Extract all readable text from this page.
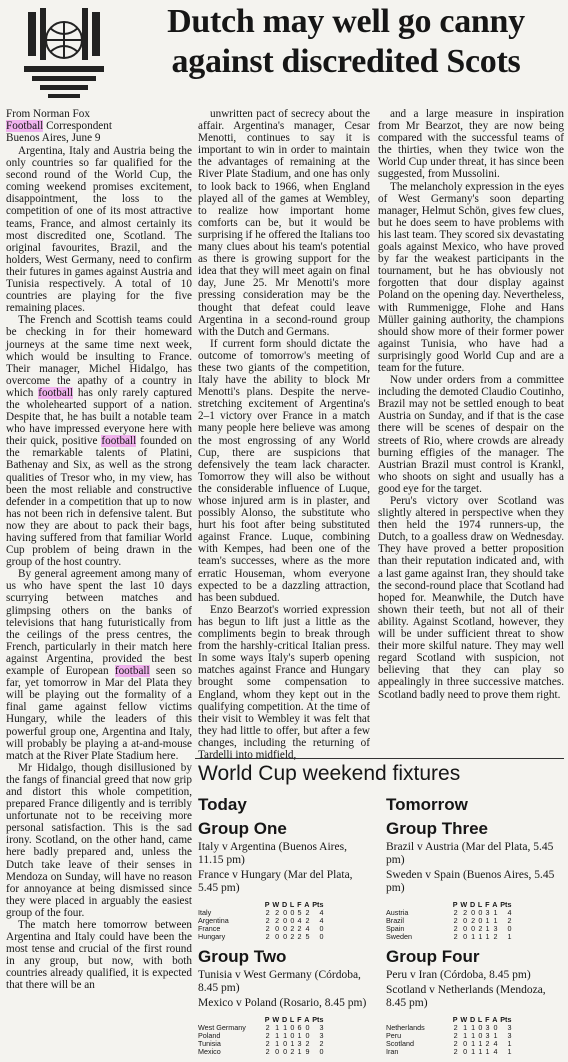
Dutch may well go canny against discredited Scots
From Norman Fox
Football Correspondent
Buenos Aires, June 9

Argentina, Italy and Austria being the only countries so far qualified for the second round of the World Cup, the coming weekend promises excitement, disappointment, the loss to the competition of one of its most attractive teams, France, and almost certainly its most discredited one, Scotland. The original favourites, Brazil, and the holders, West Germany, need to confirm their futures in games against Austria and Tunisia respectively. A total of 10 countries are playing for the five remaining places.

The French and Scottish teams could be checking in for their homeward journeys at the same time next week, which would be insulting to France. Their manager, Michel Hidalgo, has overcome the apathy of a country in which football has only rarely captured the wholehearted support of a nation. Despite that, he has built a notable team who have impressed everyone here with their quick, positive football founded on the remarkable talents of Platini, Bathenay and Six, as well as the strong qualities of Tresor who, in my view, has been the most reliable and constructive defender in a competition that up to now has not been rich in defensive talent. But now they are about to pack their bags, having suffered from that familiar World Cup problem of being drawn in the group of the host country.

By general agreement among many of us who have spent the last 10 days scurrying between matches and glimpsing others on the banks of televisions that hang futuristically from the ceilings of the press centres, the French, particularly in their match here against Argentina, provided the best example of European football seen so far, yet tomorrow in Mar del Plata they will be playing out the formality of a final game against fellow victims Hungary, while the leaders of this powerful group one, Argentina and Italy, will probably be playing a at-and-mouse match at the River Plate Stadium here.

Mr Hidalgo, though disillusioned by the fangs of financial greed that now grip and distort this whole competition, prepared France diligently and is terribly unfortunate not to be receiving more personal satisfaction. This is the sad irony. Scotland, on the other hand, came here badly prepared and, unless the Dutch take leave of their senses in Mendoza on Sunday, will have no reason for annoyance at being dismissed since they were placed in arguably the easiest group of the four.

The match here tomorrow between Argentina and Italy could have been the most tense and crucial of the first round in any group, but now, with both countries already qualified, it is expected that there will be an

unwritten pact of secrecy about the affair. Argentina's manager, Cesar Menotti, continues to say it is important to win in order to maintain the advantages of remaining at the River Plate Stadium, and one has only to look back to 1966, when England played all of the games at Wembley, to realize how important home comforts can be, but it would be surprising if he offered the Italians too many clues about his team's potential as there is growing support for the idea that they will meet again on final day, June 25. Mr Menotti's more pressing consideration may be the thought that defeat could leave Argentina in a second-round group with the Dutch and Germans.

If current form should dictate the outcome of tomorrow's meeting of these two giants of the competition, Italy have the ability to block Mr Menotti's plans. Despite the nerve-stretching excitement of Argentina's 2–1 victory over France in a match many people here believe was among the most engrossing of any World Cup, there are suspicions that defensively the team lack character. Tomorrow they will also be without the considerable influence of Luque, whose injured arm is in plaster, and possibly Alonso, the substitute who hurt his foot after being substituted against France. Luque, combining with Kempes, had been one of the team's successes, where as the more erratic Houseman, whom everyone expected to be a dazzling attraction, has been subdued.

Enzo Bearzot's worried expression has begun to lift just a little as the compliments begin to break through from the harshly-critical Italian press. In some ways Italy's superb opening matches against France and Hungary brought some compensation to England, whom they kept out in the qualifying competition. At the time of their visit to Wembley it was felt that they had little to offer, but after a few changes, including the returning of Tardelli into midfield,

and a large measure in inspiration from Mr Bearzot, they are now being compared with the successful teams of the thirties, when they twice won the World Cup under threat, it has since been suggested, from Mussolini.

The melancholy expression in the eyes of West Germany's soon departing manager, Helmut Schön, gives few clues, but he does seem to have problems with his last team. They scored six devastating goals against Mexico, who have proved by far the weakest participants in the tournament, but he has obviously not forgotten that dour display against Poland on the opening day. Nevertheless, with Rummenigge, Flohe and Hans Müller gaining authority, the champions should show more of their former power against Tunisia, who have had a surprisingly good World Cup and are a team for the future.

Now under orders from a committee including the demoted Claudio Coutinho, Brazil may not be settled enough to beat Austria on Sunday, and if that is the case there will be scenes of despair on the streets of Rio, where crowds are already burning effigies of the manager. The Austrian Brazil must control is Krankl, who shoots on sight and usually has a good eye for the target.

Peru's victory over Scotland was slightly altered in perspective when they then held the 1974 runners-up, the Dutch, to a goalless draw on Wednesday. They have proved a better proposition than their reputation indicated and, with a last game against Iran, they should take the second-round place that Scotland had hoped for. Meanwhile, the Dutch have shown their teeth, but not all of their ability. Against Scotland, however, they will be under sufficient threat to show their more skilful nature. They may well regard Scotland with suspicion, not believing that they can play so appealingly in three successive matches. Scotland badly need to prove them right.

World Cup weekend fixtures
Today
Group One
Italy v Argentina (Buenos Aires, 11.15 pm)
France v Hungary (Mar del Plata, 5.45 pm)
	P	W	D	L	F	A	Pts
Italy	2	2	0	0	5	2	4
Argentina	2	2	0	0	4	2	4
France	2	0	0	2	2	4	0
Hungary	2	0	0	2	2	5	0
Group Two
Tunisia v West Germany (Córdoba, 8.45 pm)
Mexico v Poland (Rosario, 8.45 pm)
	P	W	D	L	F	A	Pts
West Germany	2	1	1	0	6	0	3
Poland	2	1	1	0	1	0	3
Tunisia	2	1	0	1	3	2	2
Mexico	2	0	0	2	1	9	0
Tomorrow
Group Three
Brazil v Austria (Mar del Plata, 5.45 pm)
Sweden v Spain (Buenos Aires, 5.45 pm)
	P	W	D	L	F	A	Pts
Austria	2	2	0	0	3	1	4
Brazil	2	0	2	0	1	1	2
Spain	2	0	0	2	1	3	0
Sweden	2	0	1	1	1	2	1
Group Four
Peru v Iran (Córdoba, 8.45 pm)
Scotland v Netherlands (Mendoza, 8.45 pm)
	P	W	D	L	F	A	Pts
Netherlands	2	1	1	0	3	0	3
Peru	2	1	1	0	3	1	3
Scotland	2	0	1	1	2	4	1
Iran	2	0	1	1	1	4	1
